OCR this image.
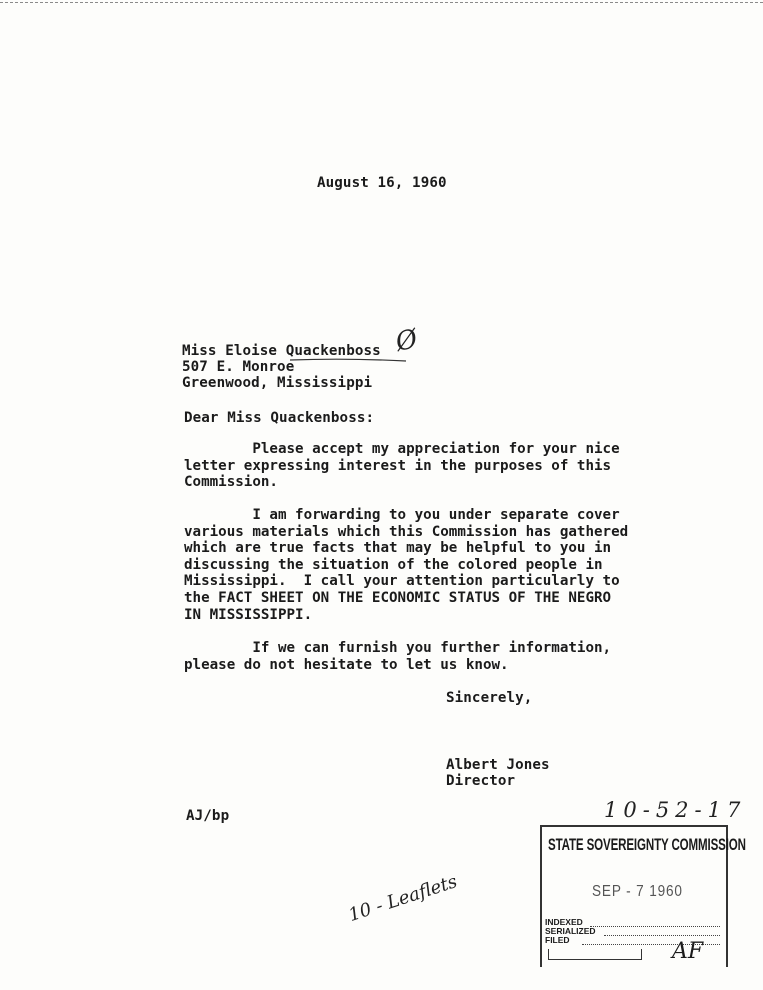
August 16, 1960
Miss Eloise Quackenboss
507 E. Monroe
Greenwood, Mississippi
Dear Miss Quackenboss:
Please accept my appreciation for your nice
letter expressing interest in the purposes of this
Commission.
I am forwarding to you under separate cover
various materials which this Commission has gathered
which are true facts that may be helpful to you in
discussing the situation of the colored people in
Mississippi.  I call your attention particularly to
the FACT SHEET ON THE ECONOMIC STATUS OF THE NEGRO
IN MISSISSIPPI.
If we can furnish you further information,
please do not hesitate to let us know.
Sincerely,
Albert Jones
Director
AJ/bp
Ø
10-52-17
10 - Leaflets
STATE SOVEREIGNTY COMMISSION
SEP - 7 1960
INDEXED
SERIALIZED
FILED	AF
